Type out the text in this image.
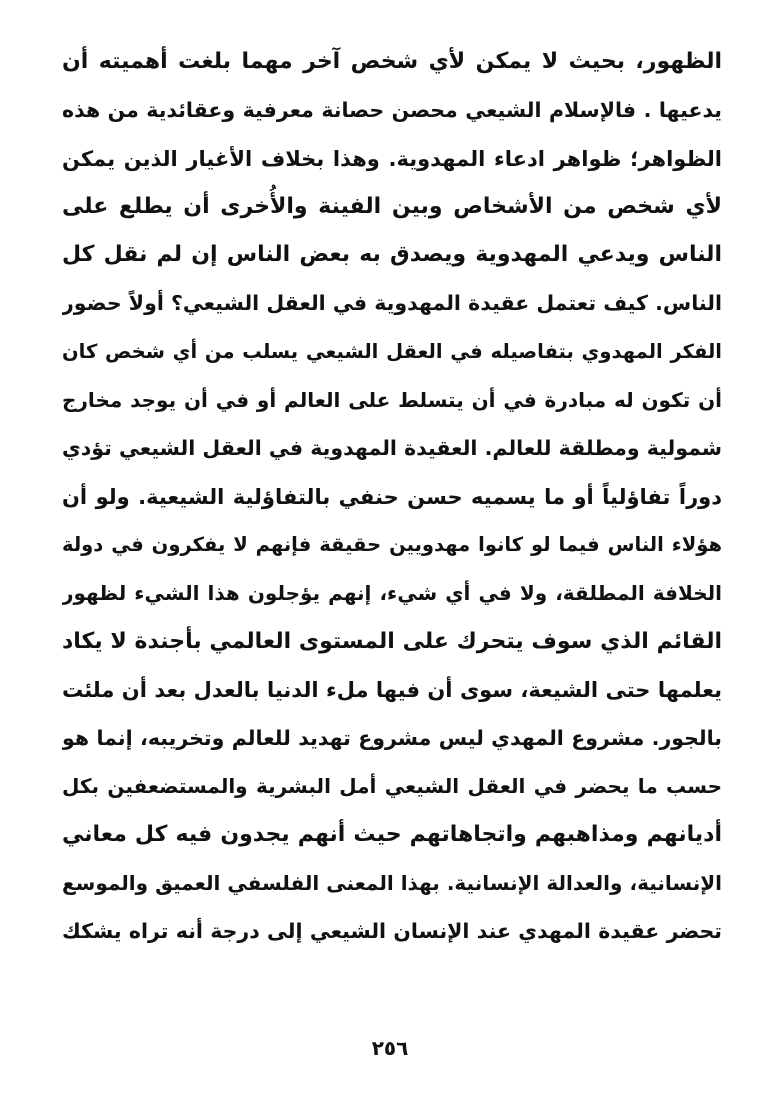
الظهور، بحيث لا يمكن لأي شخص آخر مهما بلغت أهميته أن
يدعيها . فالإسلام الشيعي محصن حصانة معرفية وعقائدية من هذه
الظواهر؛ ظواهر ادعاء المهدوية. وهذا بخلاف الأغيار الذين يمكن
لأي شخص من الأشخاص وبين الفينة والأُخرى أن يطلع على
الناس ويدعي المهدوية ويصدق به بعض الناس إن لم نقل كل
الناس. كيف تعتمل عقيدة المهدوية في العقل الشيعي؟ أولاً حضور
الفكر المهدوي بتفاصيله في العقل الشيعي يسلب من أي شخص كان
أن تكون له مبادرة في أن يتسلط على العالم أو في أن يوجد مخارج
شمولية ومطلقة للعالم. العقيدة المهدوية في العقل الشيعي تؤدي
دوراً تفاؤلياً أو ما يسميه حسن حنفي بالتفاؤلية الشيعية. ولو أن
هؤلاء الناس فيما لو كانوا مهدويين حقيقة فإنهم لا يفكرون في دولة
الخلافة المطلقة، ولا في أي شيء، إنهم يؤجلون هذا الشيء لظهور
القائم الذي سوف يتحرك على المستوى العالمي بأجندة لا يكاد
يعلمها حتى الشيعة، سوى أن فيها ملء الدنيا بالعدل بعد أن ملئت
بالجور. مشروع المهدي ليس مشروع تهديد للعالم وتخريبه، إنما هو
حسب ما يحضر في العقل الشيعي أمل البشرية والمستضعفين بكل
أديانهم ومذاهبهم واتجاهاتهم حيث أنهم يجدون فيه كل معاني
الإنسانية، والعدالة الإنسانية. بهذا المعنى الفلسفي العميق والموسع
تحضر عقيدة المهدي عند الإنسان الشيعي إلى درجة أنه تراه يشكك
٢٥٦
